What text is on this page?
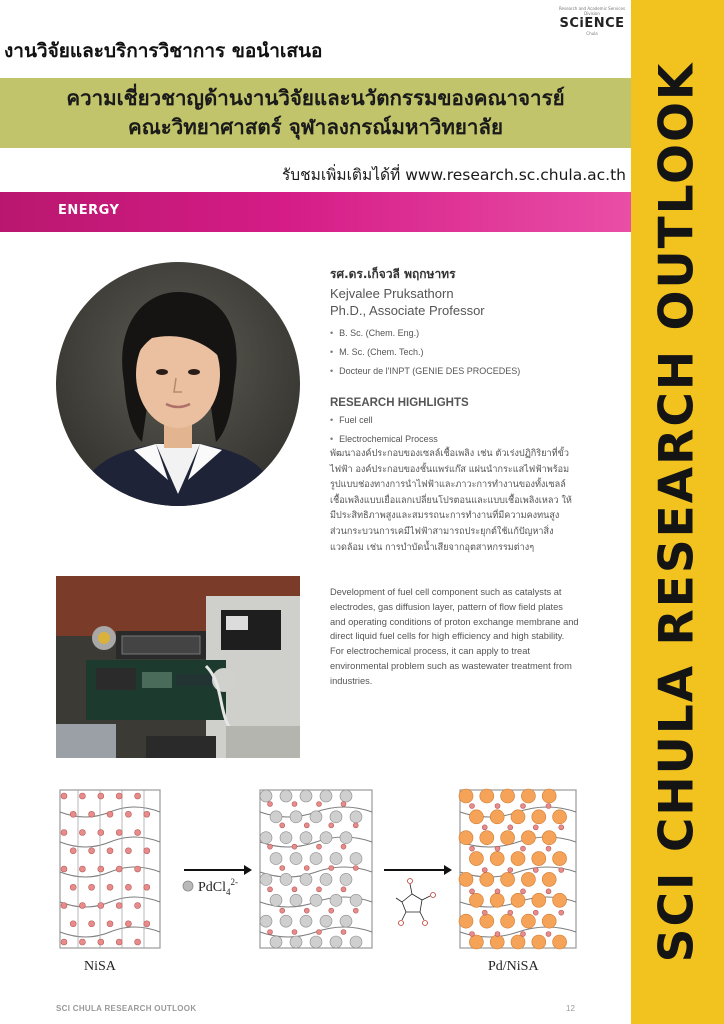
SCI CHULA RESEARCH OUTLOOK
Research and Academic Services Division
SCiENCE
Chula
งานวิจัยและบริการวิชาการ ขอนำเสนอ
ความเชี่ยวชาญด้านงานวิจัยและนวัตกรรมของคณาจารย์
คณะวิทยาศาสตร์ จุฬาลงกรณ์มหาวิทยาลัย
รับชมเพิ่มเติมได้ที่ www.research.sc.chula.ac.th
ENERGY
รศ.ดร.เก็จวลี พฤกษาทร
Kejvalee Pruksathorn
Ph.D., Associate Professor
• B. Sc. (Chem. Eng.)
• M. Sc. (Chem. Tech.)
• Docteur de l'INPT (GENIE DES PROCEDES)
RESEARCH HIGHLIGHTS
• Fuel cell
• Electrochemical Process
พัฒนาองค์ประกอบของเซลล์เชื้อเพลิง เช่น ตัวเร่งปฏิกิริยาที่ขั้วไฟฟ้า องค์ประกอบของชั้นแพร่แก๊ส แผ่นนำกระแสไฟฟ้าพร้อมรูปแบบช่องทางการนำไฟฟ้าและภาวะการทำงานของทั้งเซลล์เชื้อเพลิงแบบเยื่อแลกเปลี่ยนโปรตอนและแบบเชื้อเพลิงเหลว ให้มีประสิทธิภาพสูงและสมรรถนะการทำงานที่มีความคงทนสูง ส่วนกระบวนการเคมีไฟฟ้าสามารถประยุกต์ใช้แก้ปัญหาสิ่งแวดล้อม เช่น การบำบัดน้ำเสียจากอุตสาหกรรมต่างๆ
Development of fuel cell component such as catalysts at electrodes, gas diffusion layer, pattern of flow field plates and operating conditions of proton exchange membrane and direct liquid fuel cells for high efficiency and high stability. For electrochemical process, it can apply to treat environmental problem such as wastewater treatment from industries.
PdCl$_4^{2-}$
NiSA	Pd/NiSA
SCI CHULA RESEARCH OUTLOOK	12
